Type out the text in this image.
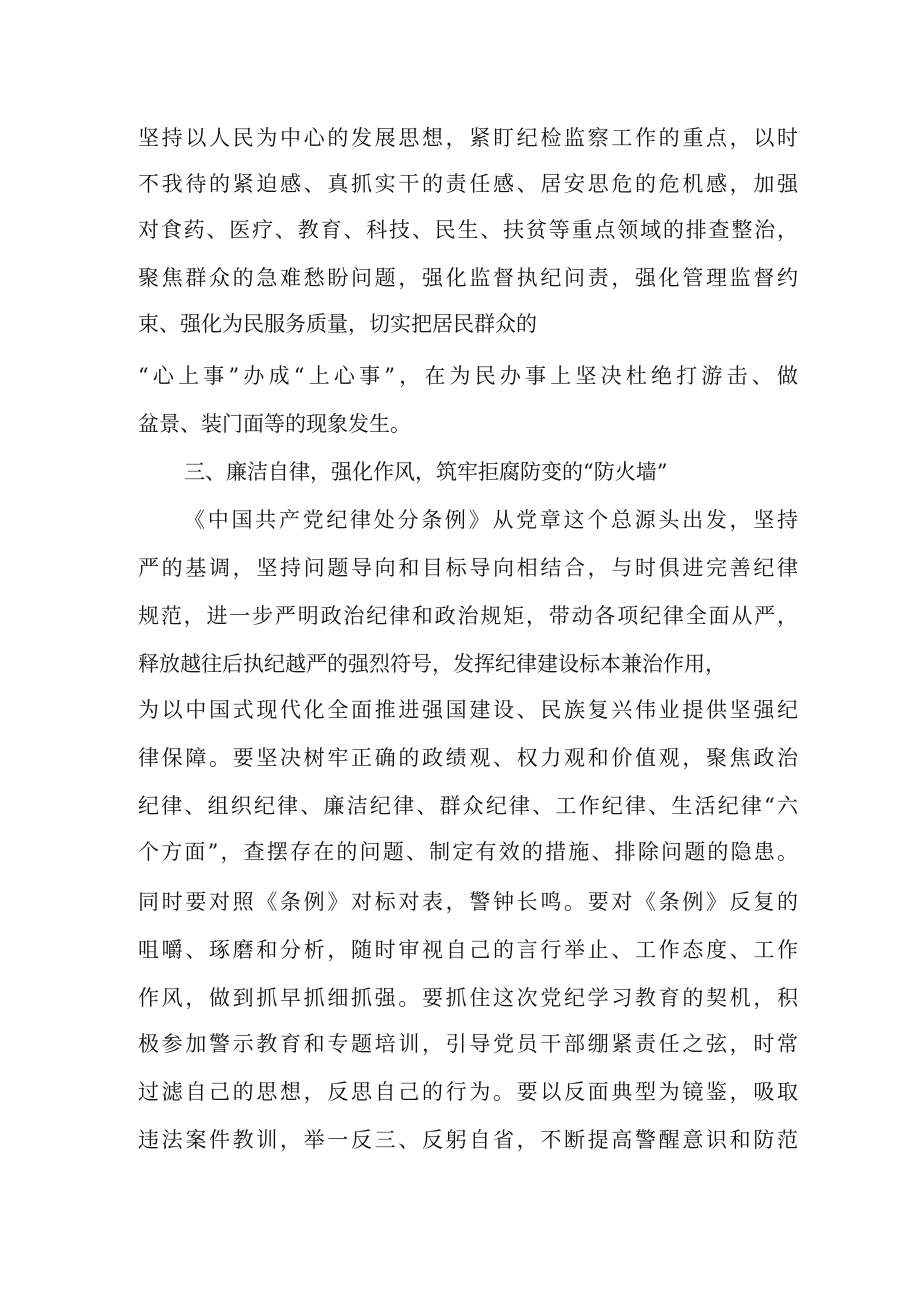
坚持以人民为中心的发展思想，紧盯纪检监察工作的重点，以时
不我待的紧迫感、真抓实干的责任感、居安思危的危机感，加强
对食药、医疗、教育、科技、民生、扶贫等重点领域的排查整治，
聚焦群众的急难愁盼问题，强化监督执纪问责，强化管理监督约
束、强化为民服务质量，切实把居民群众的
“心上事”办成“上心事”，在为民办事上坚决杜绝打游击、做
盆景、装门面等的现象发生。
三、廉洁自律，强化作风，筑牢拒腐防变的“防火墙”
《中国共产党纪律处分条例》从党章这个总源头出发，坚持
严的基调，坚持问题导向和目标导向相结合，与时俱进完善纪律
规范，进一步严明政治纪律和政治规矩，带动各项纪律全面从严，
释放越往后执纪越严的强烈符号，发挥纪律建设标本兼治作用，
为以中国式现代化全面推进强国建设、民族复兴伟业提供坚强纪
律保障。要坚决树牢正确的政绩观、权力观和价值观，聚焦政治
纪律、组织纪律、廉洁纪律、群众纪律、工作纪律、生活纪律“六
个方面”，查摆存在的问题、制定有效的措施、排除问题的隐患。
同时要对照《条例》对标对表，警钟长鸣。要对《条例》反复的
咀嚼、琢磨和分析，随时审视自己的言行举止、工作态度、工作
作风，做到抓早抓细抓强。要抓住这次党纪学习教育的契机，积
极参加警示教育和专题培训，引导党员干部绷紧责任之弦，时常
过滤自己的思想，反思自己的行为。要以反面典型为镜鉴，吸取
违法案件教训，举一反三、反躬自省，不断提高警醒意识和防范
